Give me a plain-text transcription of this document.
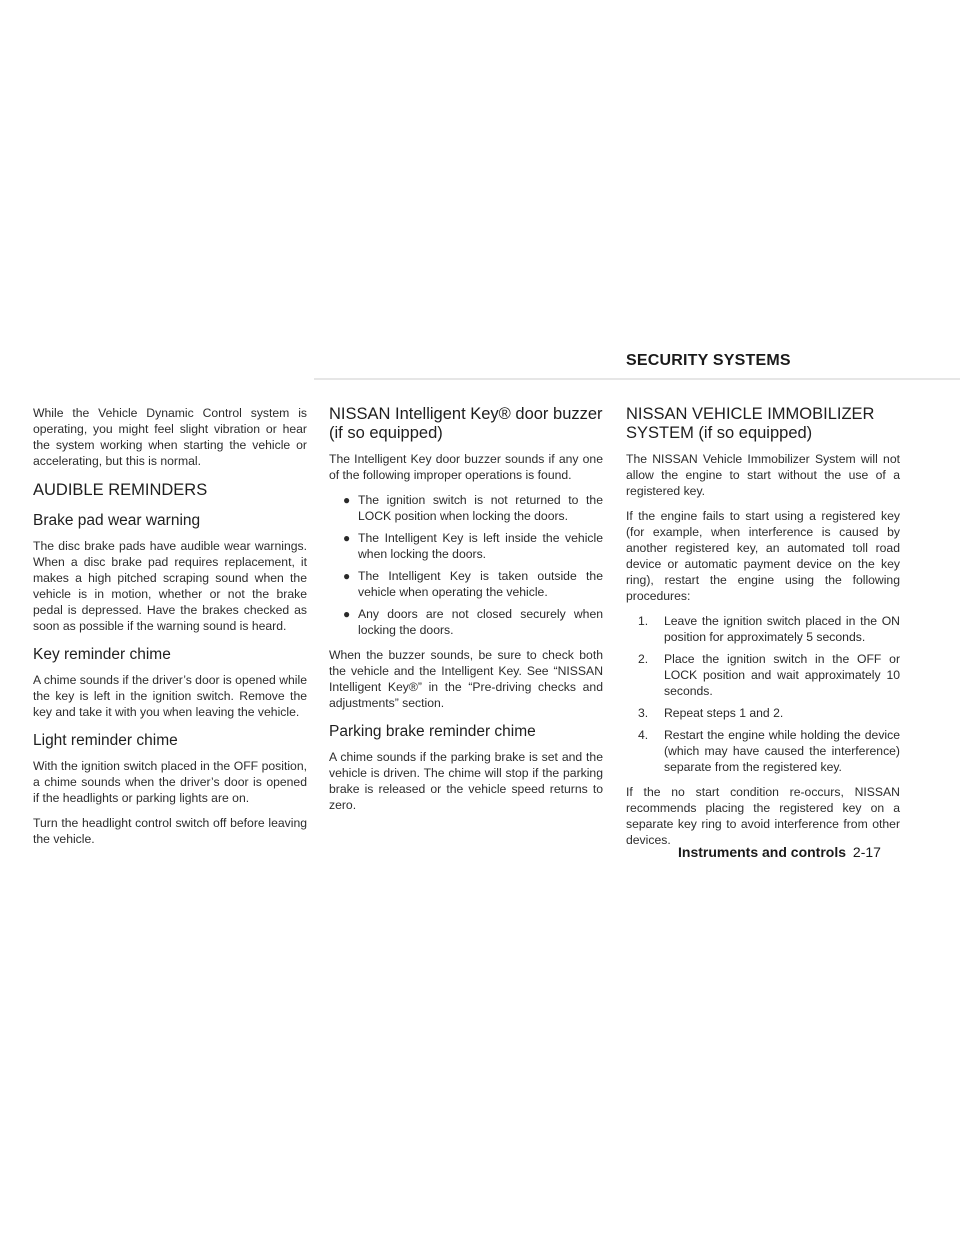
SECURITY SYSTEMS

While the Vehicle Dynamic Control system is operating, you might feel slight vibration or hear the system working when starting the vehicle or accelerating, but this is normal.

AUDIBLE REMINDERS
Brake pad wear warning

The disc brake pads have audible wear warnings. When a disc brake pad requires replacement, it makes a high pitched scraping sound when the vehicle is in motion, whether or not the brake pedal is depressed. Have the brakes checked as soon as possible if the warning sound is heard.

Key reminder chime

A chime sounds if the driver’s door is opened while the key is left in the ignition switch. Remove the key and take it with you when leaving the vehicle.

Light reminder chime

With the ignition switch placed in the OFF position, a chime sounds when the driver’s door is opened if the headlights or parking lights are on.

Turn the headlight control switch off before leaving the vehicle.

NISSAN Intelligent Key® door buzzer (if so equipped)

The Intelligent Key door buzzer sounds if any one of the following improper operations is found.

● The ignition switch is not returned to the LOCK position when locking the doors.
● The Intelligent Key is left inside the vehicle when locking the doors.
● The Intelligent Key is taken outside the vehicle when operating the vehicle.
● Any doors are not closed securely when locking the doors.

When the buzzer sounds, be sure to check both the vehicle and the Intelligent Key. See “NISSAN Intelligent Key®” in the “Pre-driving checks and adjustments” section.

Parking brake reminder chime

A chime sounds if the parking brake is set and the vehicle is driven. The chime will stop if the parking brake is released or the vehicle speed returns to zero.

NISSAN VEHICLE IMMOBILIZER SYSTEM (if so equipped)

The NISSAN Vehicle Immobilizer System will not allow the engine to start without the use of a registered key.

If the engine fails to start using a registered key (for example, when interference is caused by another registered key, an automated toll road device or automatic payment device on the key ring), restart the engine using the following procedures:

1. Leave the ignition switch placed in the ON position for approximately 5 seconds.
2. Place the ignition switch in the OFF or LOCK position and wait approximately 10 seconds.
3. Repeat steps 1 and 2.
4. Restart the engine while holding the device (which may have caused the interference) separate from the registered key.

If the no start condition re-occurs, NISSAN recommends placing the registered key on a separate key ring to avoid interference from other devices.

Instruments and controls 2-17
